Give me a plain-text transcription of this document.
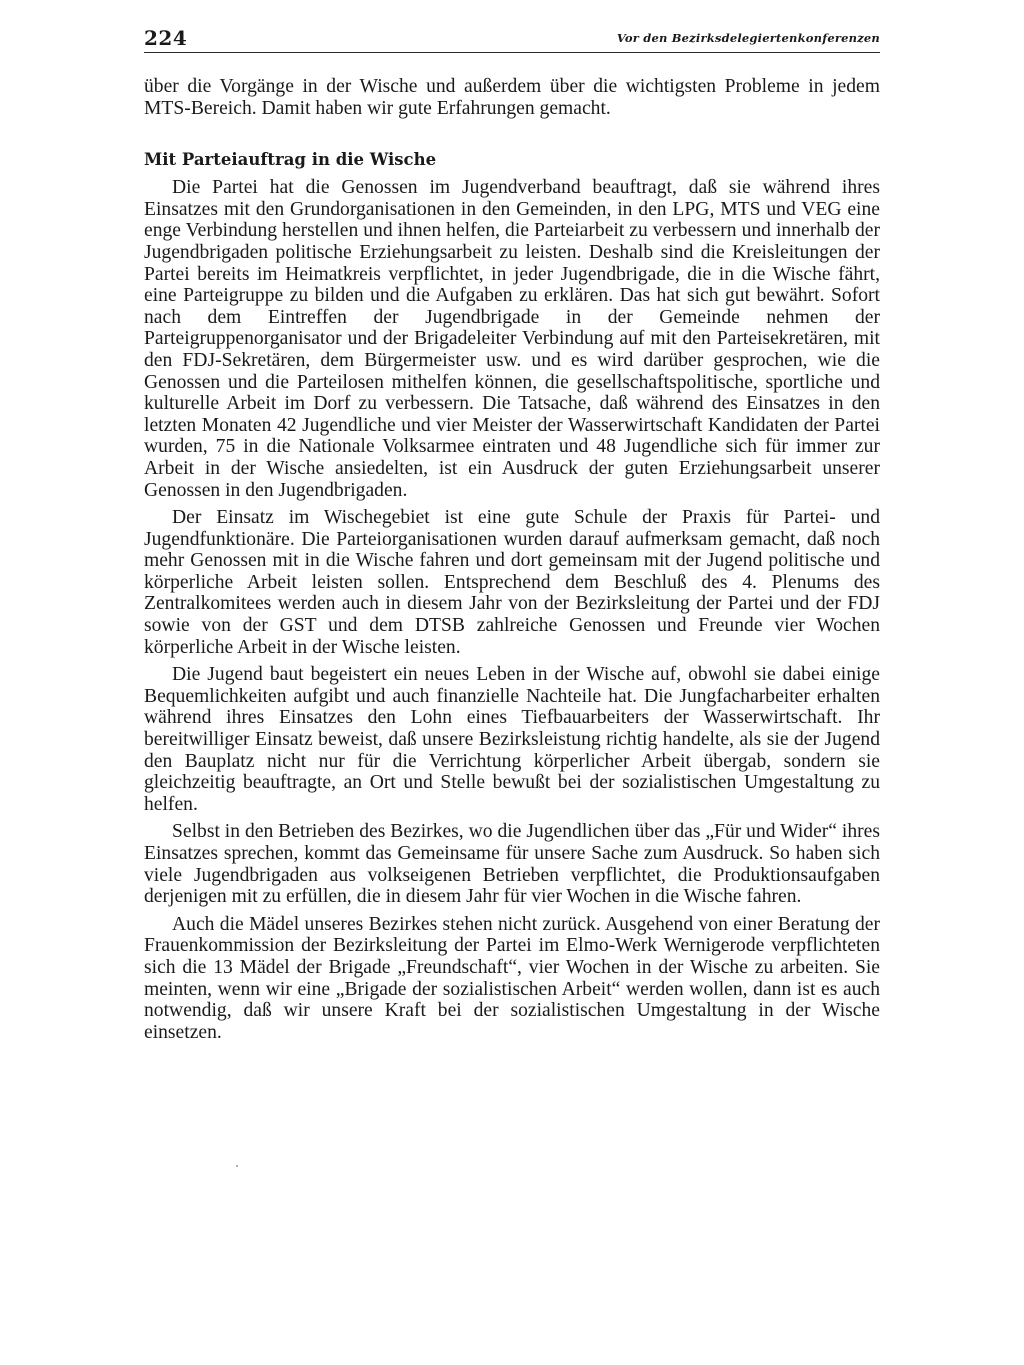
224	Vor den Bezirksdelegiertenkonferenzen

über die Vorgänge in der Wische und außerdem über die wichtigsten Probleme in jedem MTS-Bereich. Damit haben wir gute Erfahrungen gemacht.

Mit Parteiauftrag in die Wische

Die Partei hat die Genossen im Jugendverband beauftragt, daß sie während ihres Einsatzes mit den Grundorganisationen in den Gemeinden, in den LPG, MTS und VEG eine enge Verbindung herstellen und ihnen helfen, die Parteiarbeit zu verbessern und innerhalb der Jugendbrigaden politische Erziehungsarbeit zu leisten. Deshalb sind die Kreisleitungen der Partei bereits im Heimatkreis verpflichtet, in jeder Jugendbrigade, die in die Wische fährt, eine Parteigruppe zu bilden und die Aufgaben zu erklären. Das hat sich gut bewährt. Sofort nach dem Eintreffen der Jugendbrigade in der Gemeinde nehmen der Parteigruppenorganisator und der Brigadeleiter Verbindung auf mit den Parteisekretären, mit den FDJ-Sekretären, dem Bürgermeister usw. und es wird darüber gesprochen, wie die Genossen und die Parteilosen mithelfen können, die gesellschaftspolitische, sportliche und kulturelle Arbeit im Dorf zu verbessern. Die Tatsache, daß während des Einsatzes in den letzten Monaten 42 Jugendliche und vier Meister der Wasserwirtschaft Kandidaten der Partei wurden, 75 in die Nationale Volksarmee eintraten und 48 Jugendliche sich für immer zur Arbeit in der Wische ansiedelten, ist ein Ausdruck der guten Erziehungsarbeit unserer Genossen in den Jugendbrigaden.

Der Einsatz im Wischegebiet ist eine gute Schule der Praxis für Partei- und Jugendfunktionäre. Die Parteiorganisationen wurden darauf aufmerksam gemacht, daß noch mehr Genossen mit in die Wische fahren und dort gemeinsam mit der Jugend politische und körperliche Arbeit leisten sollen. Entsprechend dem Beschluß des 4. Plenums des Zentralkomitees werden auch in diesem Jahr von der Bezirksleitung der Partei und der FDJ sowie von der GST und dem DTSB zahlreiche Genossen und Freunde vier Wochen körperliche Arbeit in der Wische leisten.

Die Jugend baut begeistert ein neues Leben in der Wische auf, obwohl sie dabei einige Bequemlichkeiten aufgibt und auch finanzielle Nachteile hat. Die Jungfacharbeiter erhalten während ihres Einsatzes den Lohn eines Tiefbauarbeiters der Wasserwirtschaft. Ihr bereitwilliger Einsatz beweist, daß unsere Bezirksleistung richtig handelte, als sie der Jugend den Bauplatz nicht nur für die Verrichtung körperlicher Arbeit übergab, sondern sie gleichzeitig beauftragte, an Ort und Stelle bewußt bei der sozialistischen Umgestaltung zu helfen.

Selbst in den Betrieben des Bezirkes, wo die Jugendlichen über das „Für und Wider“ ihres Einsatzes sprechen, kommt das Gemeinsame für unsere Sache zum Ausdruck. So haben sich viele Jugendbrigaden aus volkseigenen Betrieben verpflichtet, die Produktionsaufgaben derjenigen mit zu erfüllen, die in diesem Jahr für vier Wochen in die Wische fahren.

Auch die Mädel unseres Bezirkes stehen nicht zurück. Ausgehend von einer Beratung der Frauenkommission der Bezirksleitung der Partei im Elmo-Werk Wernigerode verpflichteten sich die 13 Mädel der Brigade „Freundschaft“, vier Wochen in der Wische zu arbeiten. Sie meinten, wenn wir eine „Brigade der sozialistischen Arbeit“ werden wollen, dann ist es auch notwendig, daß wir unsere Kraft bei der sozialistischen Umgestaltung in der Wische einsetzen.
